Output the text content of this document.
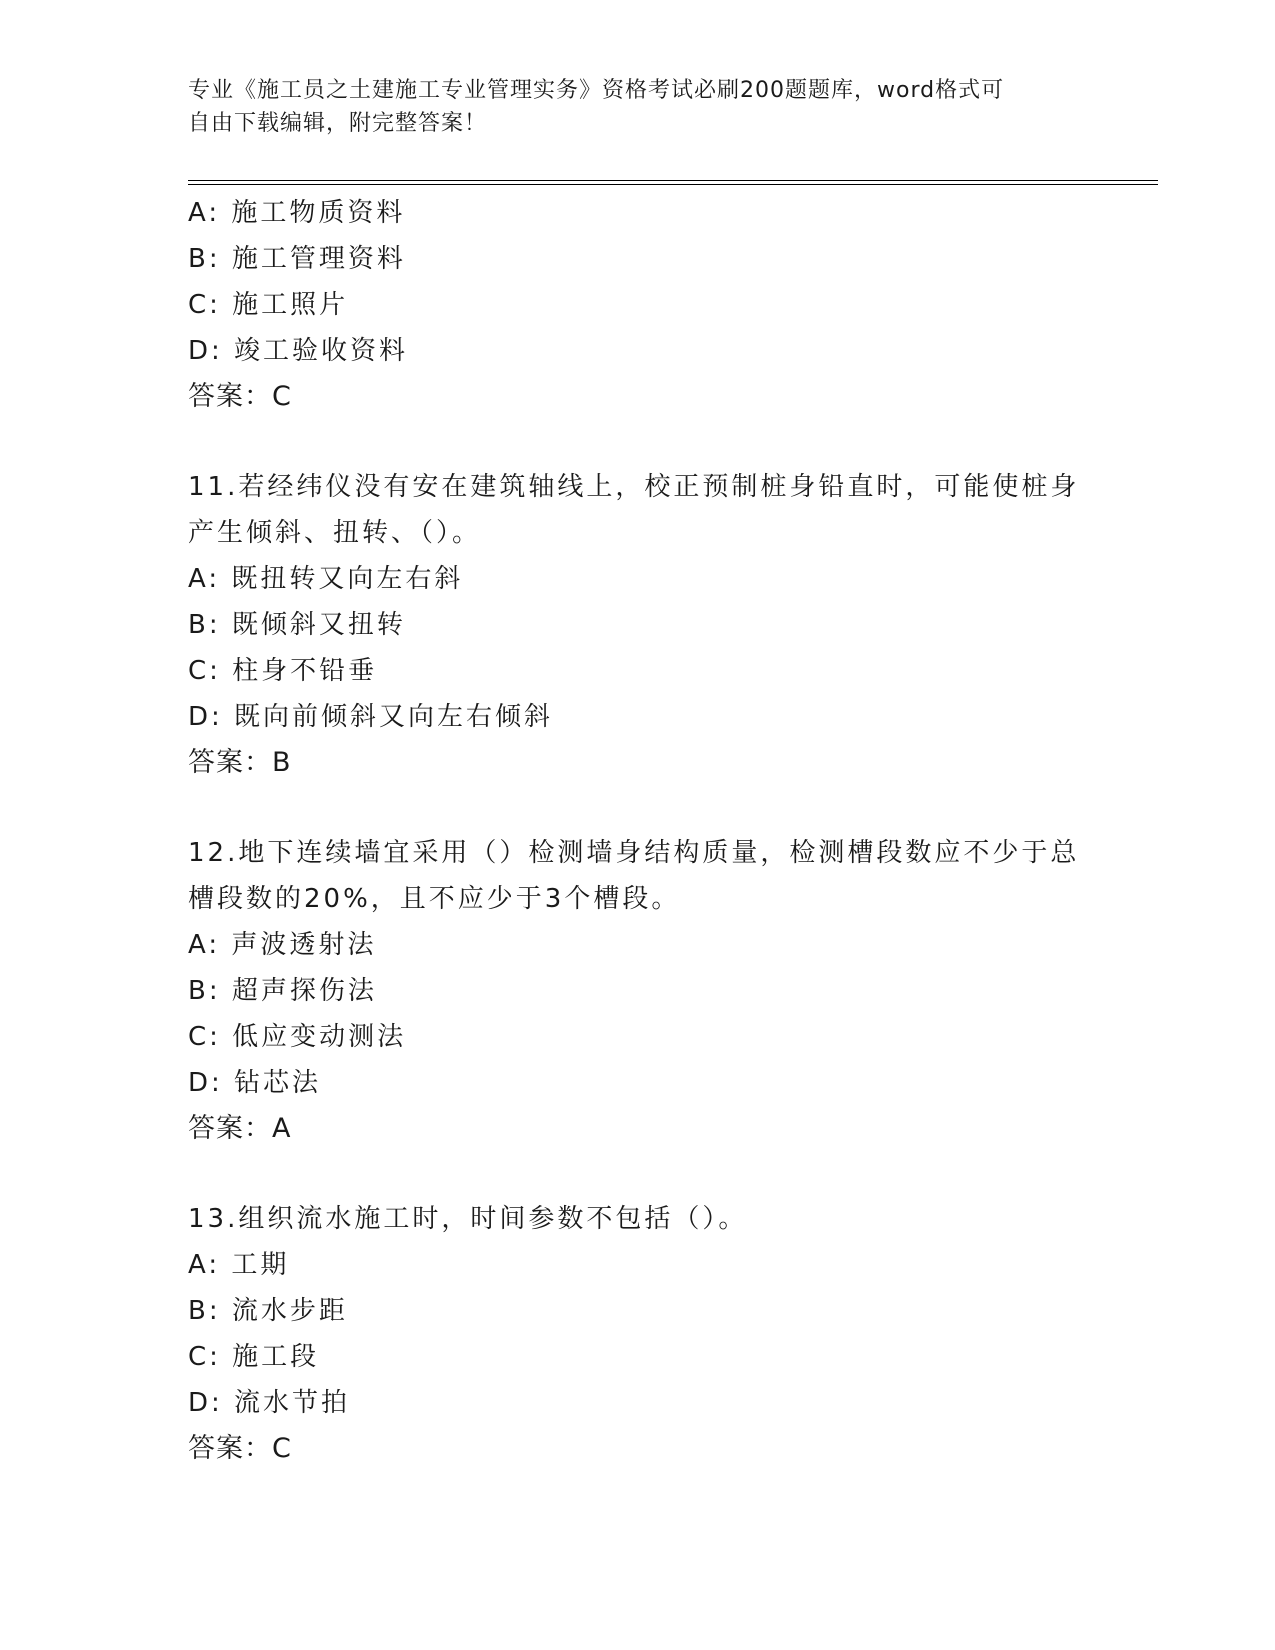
专业《施工员之土建施工专业管理实务》资格考试必刷200题题库，word格式可
自由下载编辑，附完整答案！
A: 施工物质资料
B: 施工管理资料
C: 施工照片
D: 竣工验收资料
答案：C
11.若经纬仪没有安在建筑轴线上，校正预制桩身铅直时，可能使桩身
产生倾斜、扭转、（）。
A: 既扭转又向左右斜
B: 既倾斜又扭转
C: 柱身不铅垂
D: 既向前倾斜又向左右倾斜
答案：B
12.地下连续墙宜采用（）检测墙身结构质量，检测槽段数应不少于总
槽段数的20%，且不应少于3个槽段。
A: 声波透射法
B: 超声探伤法
C: 低应变动测法
D: 钻芯法
答案：A
13.组织流水施工时，时间参数不包括（）。
A: 工期
B: 流水步距
C: 施工段
D: 流水节拍
答案：C
